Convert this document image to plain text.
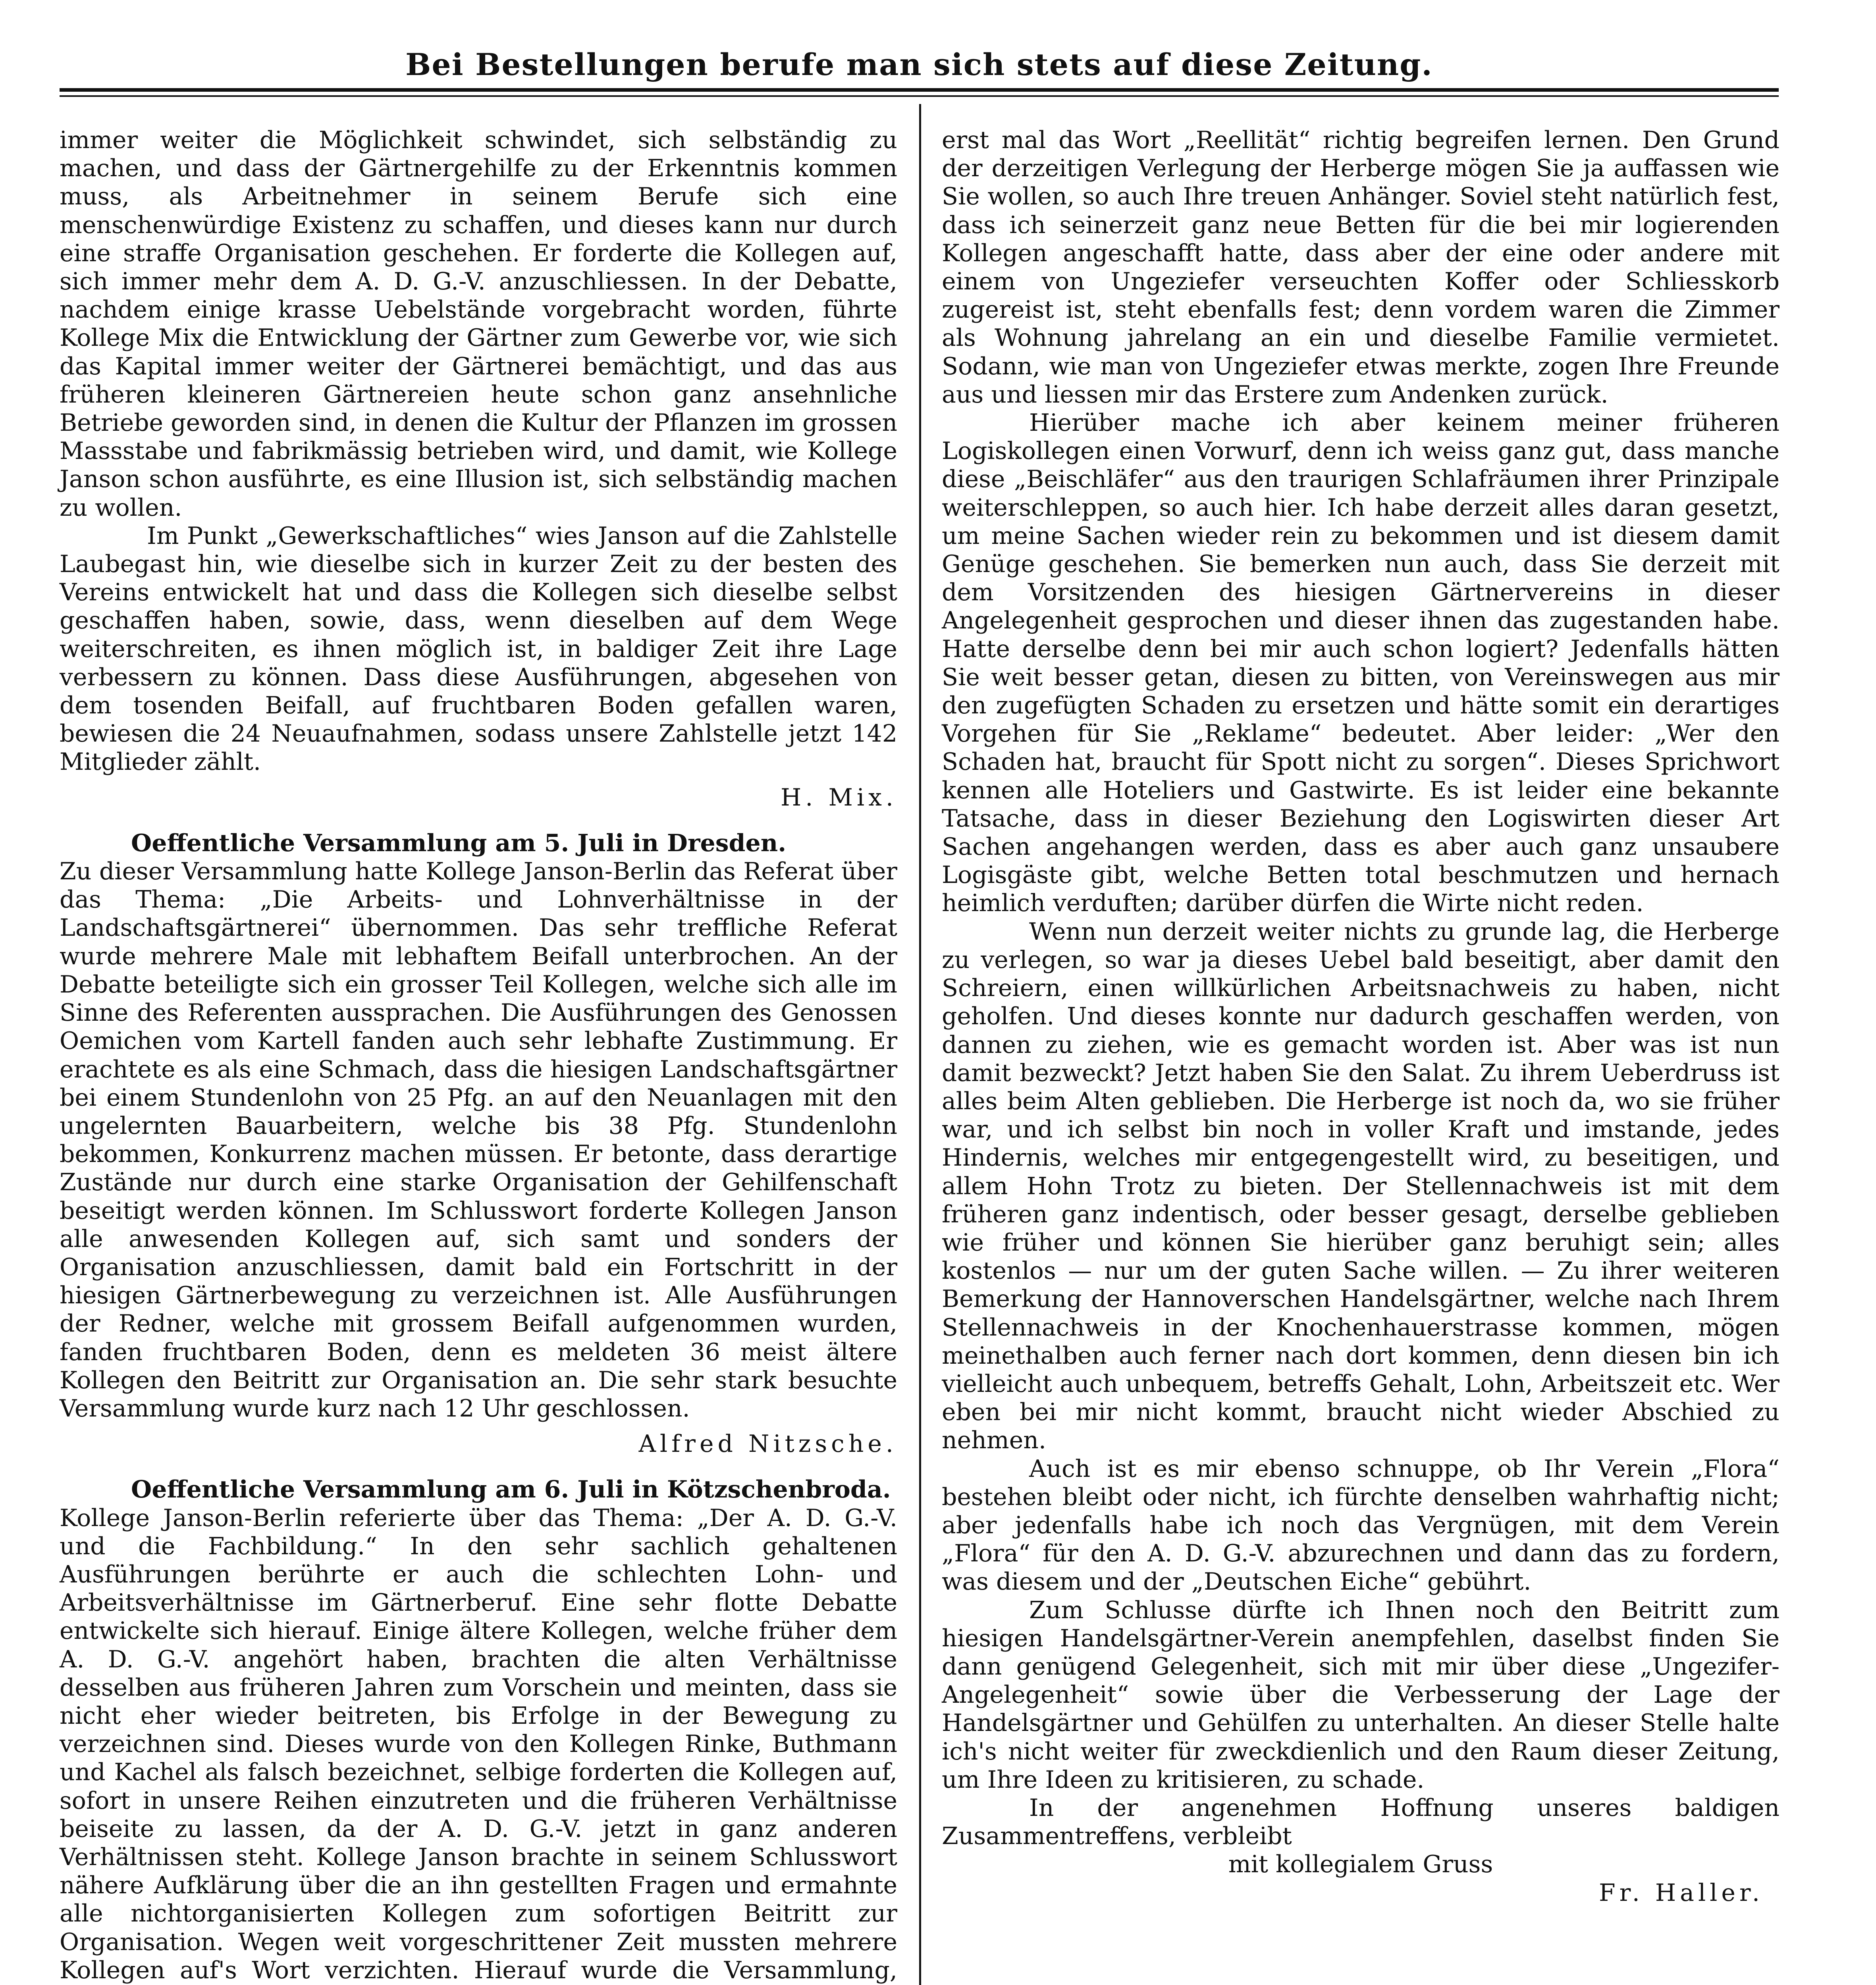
Bei Bestellungen berufe man sich stets auf diese Zeitung.

immer weiter die Möglichkeit schwindet, sich selbständig zu machen, und dass der Gärtnergehilfe zu der Erkenntnis kommen muss, als Arbeitnehmer in seinem Berufe sich eine menschenwürdige Existenz zu schaffen, und dieses kann nur durch eine straffe Organisation geschehen. Er forderte die Kollegen auf, sich immer mehr dem A. D. G.-V. anzuschliessen. In der Debatte, nachdem einige krasse Uebelstände vorgebracht worden, führte Kollege Mix die Entwicklung der Gärtner zum Gewerbe vor, wie sich das Kapital immer weiter der Gärtnerei bemächtigt, und das aus früheren kleineren Gärtnereien heute schon ganz ansehnliche Betriebe geworden sind, in denen die Kultur der Pflanzen im grossen Massstabe und fabrikmässig betrieben wird, und damit, wie Kollege Janson schon ausführte, es eine Illusion ist, sich selbständig machen zu wollen.

Im Punkt „Gewerkschaftliches“ wies Janson auf die Zahlstelle Laubegast hin, wie dieselbe sich in kurzer Zeit zu der besten des Vereins entwickelt hat und dass die Kollegen sich dieselbe selbst geschaffen haben, sowie, dass, wenn dieselben auf dem Wege weiterschreiten, es ihnen möglich ist, in baldiger Zeit ihre Lage verbessern zu können. Dass diese Ausführungen, abgesehen von dem tosenden Beifall, auf fruchtbaren Boden gefallen waren, bewiesen die 24 Neuaufnahmen, sodass unsere Zahlstelle jetzt 142 Mitglieder zählt.

H. Mix.

Oeffentliche Versammlung am 5. Juli in Dresden.

Zu dieser Versammlung hatte Kollege Janson-Berlin das Referat über das Thema: „Die Arbeits- und Lohnverhältnisse in der Landschaftsgärtnerei“ übernommen. Das sehr treffliche Referat wurde mehrere Male mit lebhaftem Beifall unterbrochen. An der Debatte beteiligte sich ein grosser Teil Kollegen, welche sich alle im Sinne des Referenten aussprachen. Die Ausführungen des Genossen Oemichen vom Kartell fanden auch sehr lebhafte Zustimmung. Er erachtete es als eine Schmach, dass die hiesigen Landschaftsgärtner bei einem Stundenlohn von 25 Pfg. an auf den Neuanlagen mit den ungelernten Bauarbeitern, welche bis 38 Pfg. Stundenlohn bekommen, Konkurrenz machen müssen. Er betonte, dass derartige Zustände nur durch eine starke Organisation der Gehilfenschaft beseitigt werden können. Im Schlusswort forderte Kollegen Janson alle anwesenden Kollegen auf, sich samt und sonders der Organisation anzuschliessen, damit bald ein Fortschritt in der hiesigen Gärtnerbewegung zu verzeichnen ist. Alle Ausführungen der Redner, welche mit grossem Beifall aufgenommen wurden, fanden fruchtbaren Boden, denn es meldeten 36 meist ältere Kollegen den Beitritt zur Organisation an. Die sehr stark besuchte Versammlung wurde kurz nach 12 Uhr geschlossen.

Alfred Nitzsche.

Oeffentliche Versammlung am 6. Juli in Kötzschenbroda.

Kollege Janson-Berlin referierte über das Thema: „Der A. D. G.-V. und die Fachbildung.“ In den sehr sachlich gehaltenen Ausführungen berührte er auch die schlechten Lohn- und Arbeitsverhältnisse im Gärtnerberuf. Eine sehr flotte Debatte entwickelte sich hierauf. Einige ältere Kollegen, welche früher dem A. D. G.-V. angehört haben, brachten die alten Verhältnisse desselben aus früheren Jahren zum Vorschein und meinten, dass sie nicht eher wieder beitreten, bis Erfolge in der Bewegung zu verzeichnen sind. Dieses wurde von den Kollegen Rinke, Buthmann und Kachel als falsch bezeichnet, selbige forderten die Kollegen auf, sofort in unsere Reihen einzutreten und die früheren Verhältnisse beiseite zu lassen, da der A. D. G.-V. jetzt in ganz anderen Verhältnissen steht. Kollege Janson brachte in seinem Schlusswort nähere Aufklärung über die an ihn gestellten Fragen und ermahnte alle nichtorganisierten Kollegen zum sofortigen Beitritt zur Organisation. Wegen weit vorgeschrittener Zeit mussten mehrere Kollegen auf's Wort verzichten. Hierauf wurde die Versammlung,

erst mal das Wort „Reellität“ richtig begreifen lernen. Den Grund der derzeitigen Verlegung der Herberge mögen Sie ja auffassen wie Sie wollen, so auch Ihre treuen Anhänger. Soviel steht natürlich fest, dass ich seinerzeit ganz neue Betten für die bei mir logierenden Kollegen angeschafft hatte, dass aber der eine oder andere mit einem von Ungeziefer verseuchten Koffer oder Schliesskorb zugereist ist, steht ebenfalls fest; denn vordem waren die Zimmer als Wohnung jahrelang an ein und dieselbe Familie vermietet. Sodann, wie man von Ungeziefer etwas merkte, zogen Ihre Freunde aus und liessen mir das Erstere zum Andenken zurück.

Hierüber mache ich aber keinem meiner früheren Logiskollegen einen Vorwurf, denn ich weiss ganz gut, dass manche diese „Beischläfer“ aus den traurigen Schlafräumen ihrer Prinzipale weiterschleppen, so auch hier. Ich habe derzeit alles daran gesetzt, um meine Sachen wieder rein zu bekommen und ist diesem damit Genüge geschehen. Sie bemerken nun auch, dass Sie derzeit mit dem Vorsitzenden des hiesigen Gärtnervereins in dieser Angelegenheit gesprochen und dieser ihnen das zugestanden habe. Hatte derselbe denn bei mir auch schon logiert? Jedenfalls hätten Sie weit besser getan, diesen zu bitten, von Vereinswegen aus mir den zugefügten Schaden zu ersetzen und hätte somit ein derartiges Vorgehen für Sie „Reklame“ bedeutet. Aber leider: „Wer den Schaden hat, braucht für Spott nicht zu sorgen“. Dieses Sprichwort kennen alle Hoteliers und Gastwirte. Es ist leider eine bekannte Tatsache, dass in dieser Beziehung den Logiswirten dieser Art Sachen angehangen werden, dass es aber auch ganz unsaubere Logisgäste gibt, welche Betten total beschmutzen und hernach heimlich verduften; darüber dürfen die Wirte nicht reden.

Wenn nun derzeit weiter nichts zu grunde lag, die Herberge zu verlegen, so war ja dieses Uebel bald beseitigt, aber damit den Schreiern, einen willkürlichen Arbeitsnachweis zu haben, nicht geholfen. Und dieses konnte nur dadurch geschaffen werden, von dannen zu ziehen, wie es gemacht worden ist. Aber was ist nun damit bezweckt? Jetzt haben Sie den Salat. Zu ihrem Ueberdruss ist alles beim Alten geblieben. Die Herberge ist noch da, wo sie früher war, und ich selbst bin noch in voller Kraft und imstande, jedes Hindernis, welches mir entgegengestellt wird, zu beseitigen, und allem Hohn Trotz zu bieten. Der Stellennachweis ist mit dem früheren ganz indentisch, oder besser gesagt, derselbe geblieben wie früher und können Sie hierüber ganz beruhigt sein; alles kostenlos — nur um der guten Sache willen. — Zu ihrer weiteren Bemerkung der Hannoverschen Handelsgärtner, welche nach Ihrem Stellennachweis in der Knochenhauerstrasse kommen, mögen meinethalben auch ferner nach dort kommen, denn diesen bin ich vielleicht auch unbequem, betreffs Gehalt, Lohn, Arbeitszeit etc. Wer eben bei mir nicht kommt, braucht nicht wieder Abschied zu nehmen.

Auch ist es mir ebenso schnuppe, ob Ihr Verein „Flora“ bestehen bleibt oder nicht, ich fürchte denselben wahrhaftig nicht; aber jedenfalls habe ich noch das Vergnügen, mit dem Verein „Flora“ für den A. D. G.-V. abzurechnen und dann das zu fordern, was diesem und der „Deutschen Eiche“ gebührt.

Zum Schlusse dürfte ich Ihnen noch den Beitritt zum hiesigen Handelsgärtner-Verein anempfehlen, daselbst finden Sie dann genügend Gelegenheit, sich mit mir über diese „Ungezifer-Angelegenheit“ sowie über die Verbesserung der Lage der Handelsgärtner und Gehülfen zu unterhalten. An dieser Stelle halte ich's nicht weiter für zweckdienlich und den Raum dieser Zeitung, um Ihre Ideen zu kritisieren, zu schade.

In der angenehmen Hoffnung unseres baldigen Zusammentreffens, verbleibt

mit kollegialem Gruss

Fr. Haller.
